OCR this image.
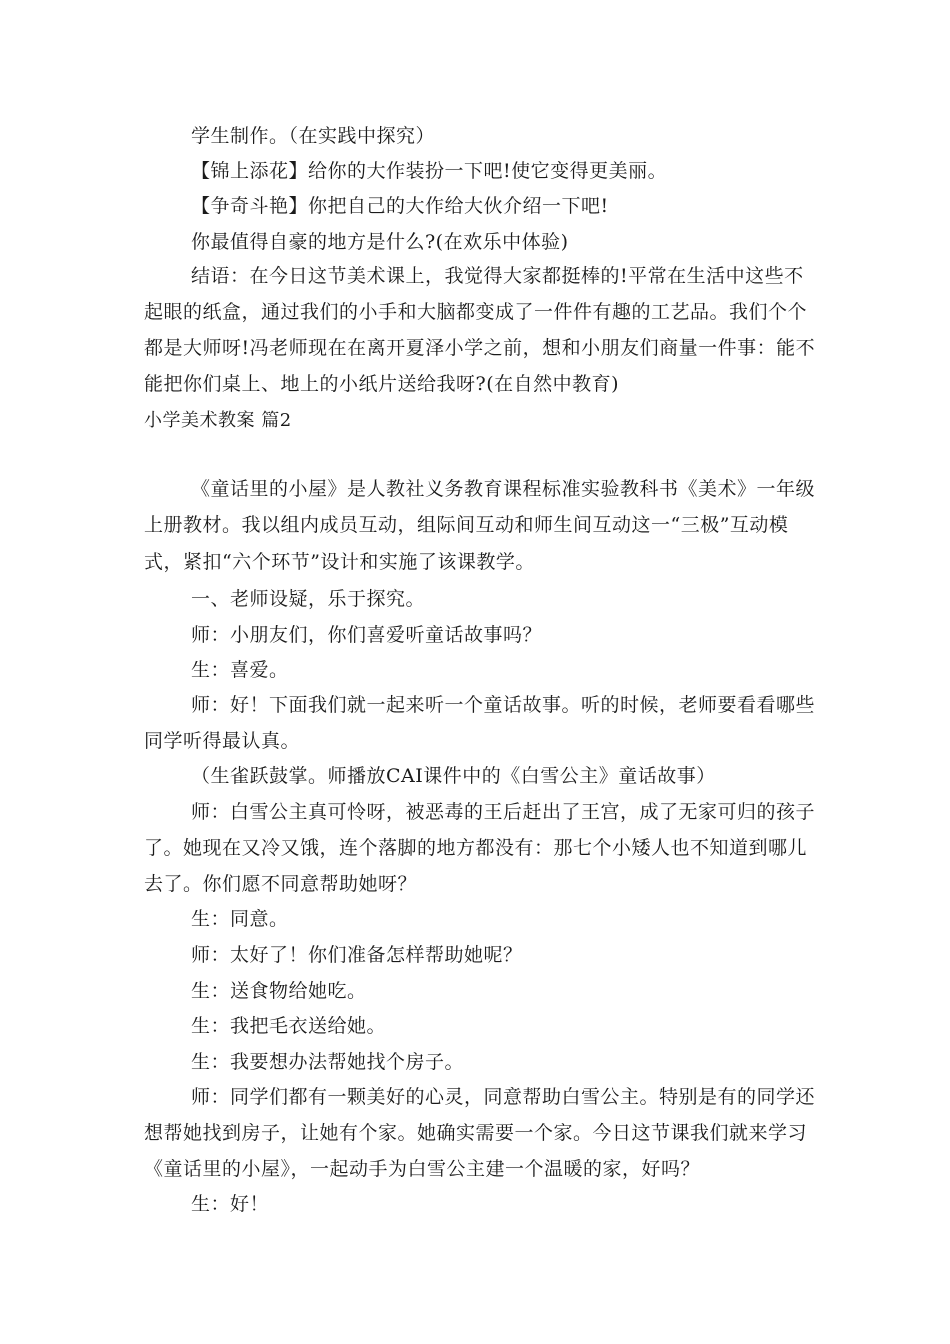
学生制作。（在实践中探究）
【锦上添花】给你的大作装扮一下吧!使它变得更美丽。
【争奇斗艳】你把自己的大作给大伙介绍一下吧!
你最值得自豪的地方是什么?(在欢乐中体验)
结语：在今日这节美术课上，我觉得大家都挺棒的!平常在生活中这些不
起眼的纸盒，通过我们的小手和大脑都变成了一件件有趣的工艺品。我们个个
都是大师呀!冯老师现在在离开夏泽小学之前，想和小朋友们商量一件事：能不
能把你们桌上、地上的小纸片送给我呀?(在自然中教育)
小学美术教案 篇2
《童话里的小屋》是人教社义务教育课程标准实验教科书《美术》一年级
上册教材。我以组内成员互动，组际间互动和师生间互动这一“三极”互动模
式，紧扣“六个环节”设计和实施了该课教学。
一、老师设疑，乐于探究。
师：小朋友们，你们喜爱听童话故事吗？
生：喜爱。
师：好！下面我们就一起来听一个童话故事。听的时候，老师要看看哪些
同学听得最认真。
（生雀跃鼓掌。师播放CAI课件中的《白雪公主》童话故事）
师：白雪公主真可怜呀，被恶毒的王后赶出了王宫，成了无家可归的孩子
了。她现在又冷又饿，连个落脚的地方都没有：那七个小矮人也不知道到哪儿
去了。你们愿不同意帮助她呀？
生：同意。
师：太好了！你们准备怎样帮助她呢？
生：送食物给她吃。
生：我把毛衣送给她。
生：我要想办法帮她找个房子。
师：同学们都有一颗美好的心灵，同意帮助白雪公主。特别是有的同学还
想帮她找到房子，让她有个家。她确实需要一个家。今日这节课我们就来学习
《童话里的小屋》，一起动手为白雪公主建一个温暖的家，好吗？
生：好！
